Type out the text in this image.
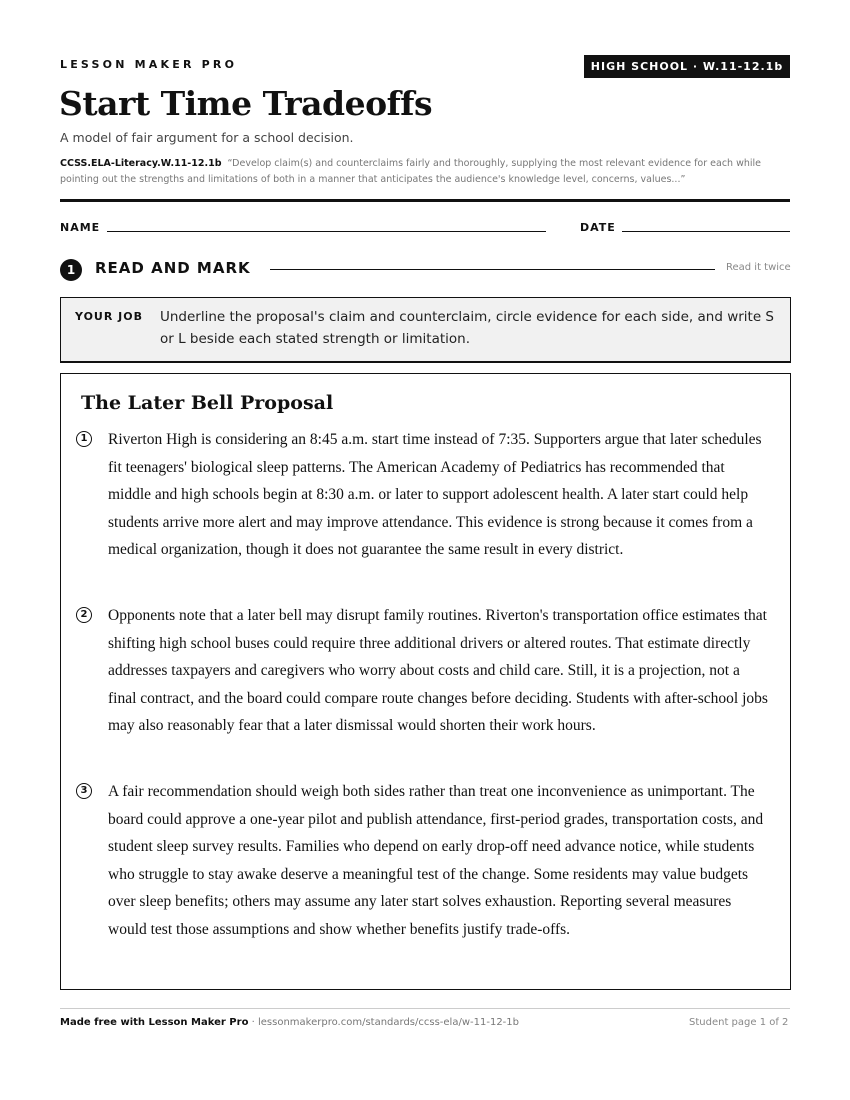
LESSON MAKER PRO	HIGH SCHOOL · W.11-12.1b
Start Time Tradeoffs
A model of fair argument for a school decision.
CCSS.ELA-Literacy.W.11-12.1b “Develop claim(s) and counterclaims fairly and thoroughly, supplying the most relevant evidence for each while pointing out the strengths and limitations of both in a manner that anticipates the audience's knowledge level, concerns, values...”
NAME	DATE
1	READ AND MARK	Read it twice
YOUR JOB Underline the proposal's claim and counterclaim, circle evidence for each side, and write S or L beside each stated strength or limitation.
The Later Bell Proposal
1 Riverton High is considering an 8:45 a.m. start time instead of 7:35. Supporters argue that later schedules fit teenagers' biological sleep patterns. The American Academy of Pediatrics has recommended that middle and high schools begin at 8:30 a.m. or later to support adolescent health. A later start could help students arrive more alert and may improve attendance. This evidence is strong because it comes from a medical organization, though it does not guarantee the same result in every district.
2 Opponents note that a later bell may disrupt family routines. Riverton's transportation office estimates that shifting high school buses could require three additional drivers or altered routes. That estimate directly addresses taxpayers and caregivers who worry about costs and child care. Still, it is a projection, not a final contract, and the board could compare route changes before deciding. Students with after-school jobs may also reasonably fear that a later dismissal would shorten their work hours.
3 A fair recommendation should weigh both sides rather than treat one inconvenience as unimportant. The board could approve a one-year pilot and publish attendance, first-period grades, transportation costs, and student sleep survey results. Families who depend on early drop-off need advance notice, while students who struggle to stay awake deserve a meaningful test of the change. Some residents may value budgets over sleep benefits; others may assume any later start solves exhaustion. Reporting several measures would test those assumptions and show whether benefits justify trade-offs.
Made free with Lesson Maker Pro · lessonmakerpro.com/standards/ccss-ela/w-11-12-1b	Student page 1 of 2
